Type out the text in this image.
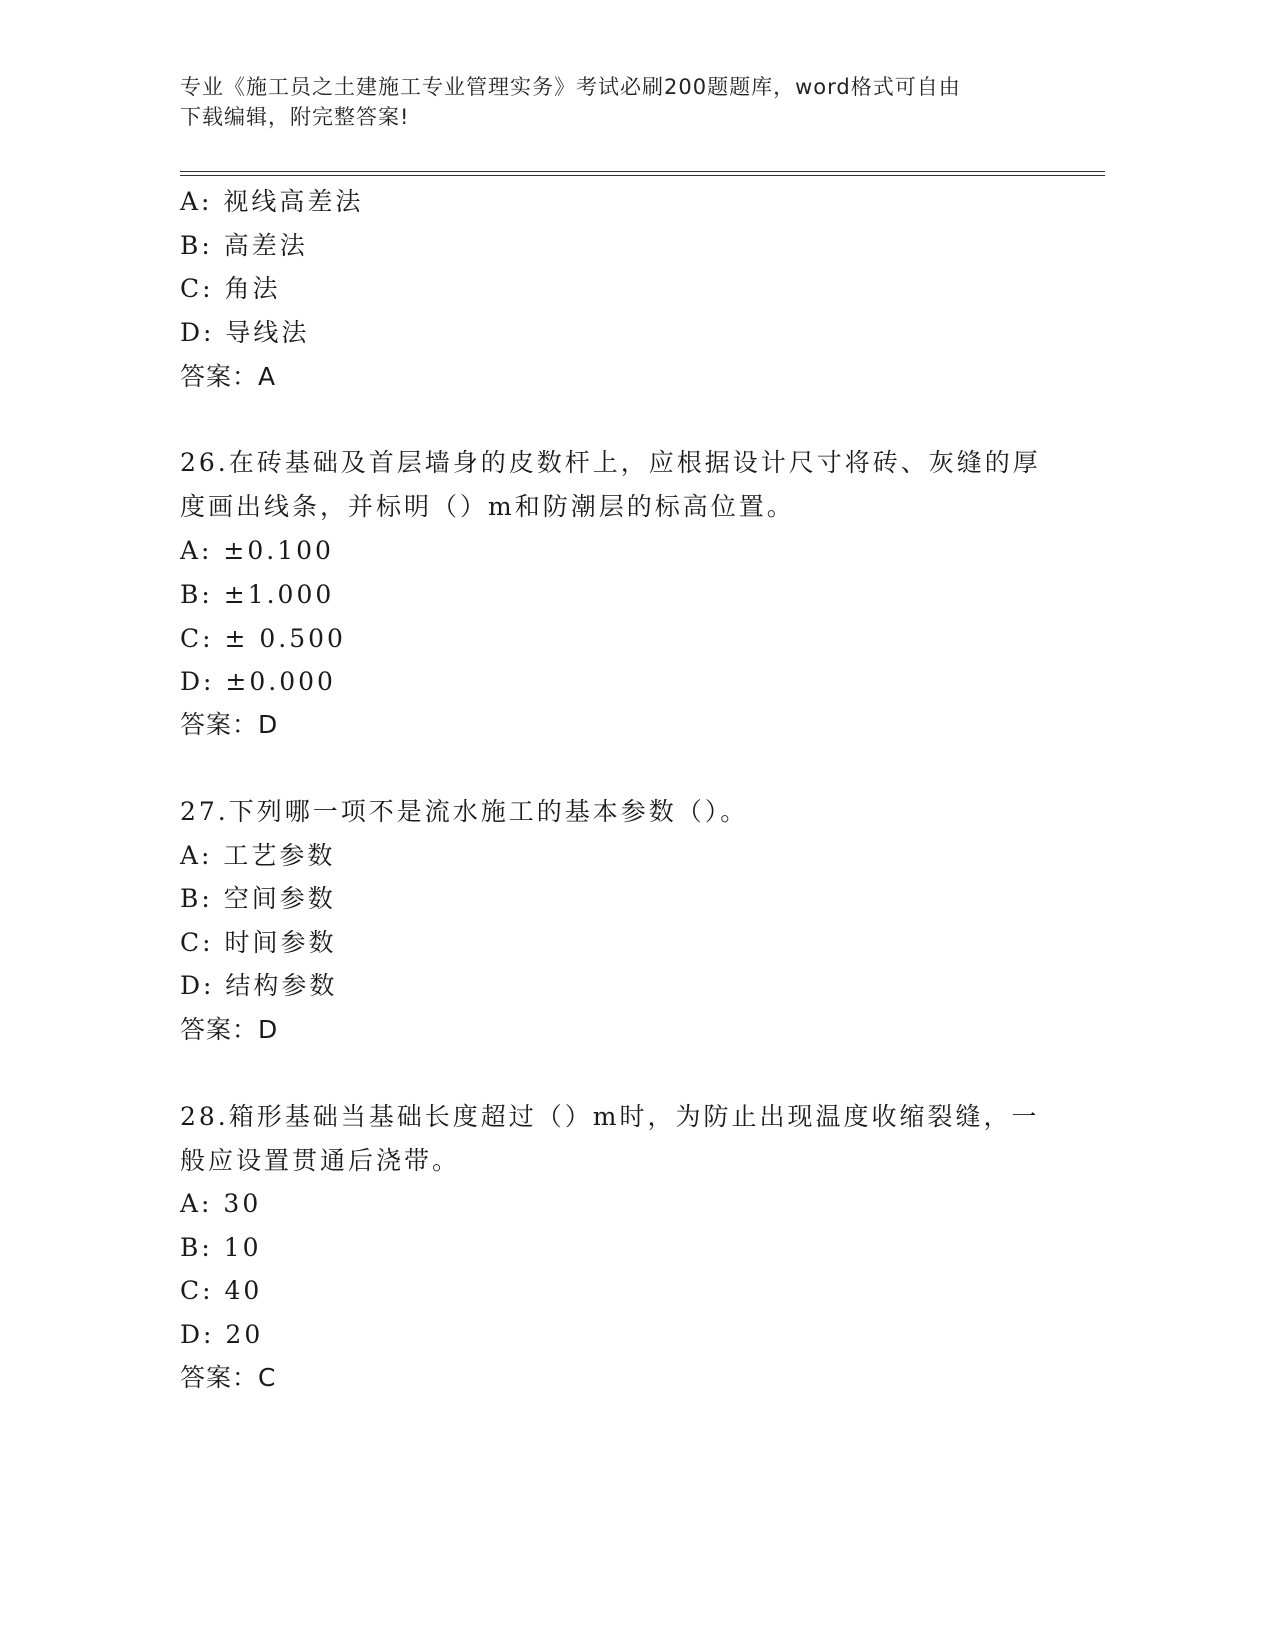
专业《施工员之土建施工专业管理实务》考试必刷200题题库，word格式可自由
下载编辑，附完整答案!
A: 视线高差法
B: 高差法
C: 角法
D: 导线法
答案：A
26.在砖基础及首层墙身的皮数杆上，应根据设计尺寸将砖、灰缝的厚
度画出线条，并标明（）m和防潮层的标高位置。
A: ±0.100
B: ±1.000
C: ± 0.500
D: ±0.000
答案：D
27.下列哪一项不是流水施工的基本参数（）。
A: 工艺参数
B: 空间参数
C: 时间参数
D: 结构参数
答案：D
28.箱形基础当基础长度超过（）m时，为防止出现温度收缩裂缝，一
般应设置贯通后浇带。
A: 30
B: 10
C: 40
D: 20
答案：C
